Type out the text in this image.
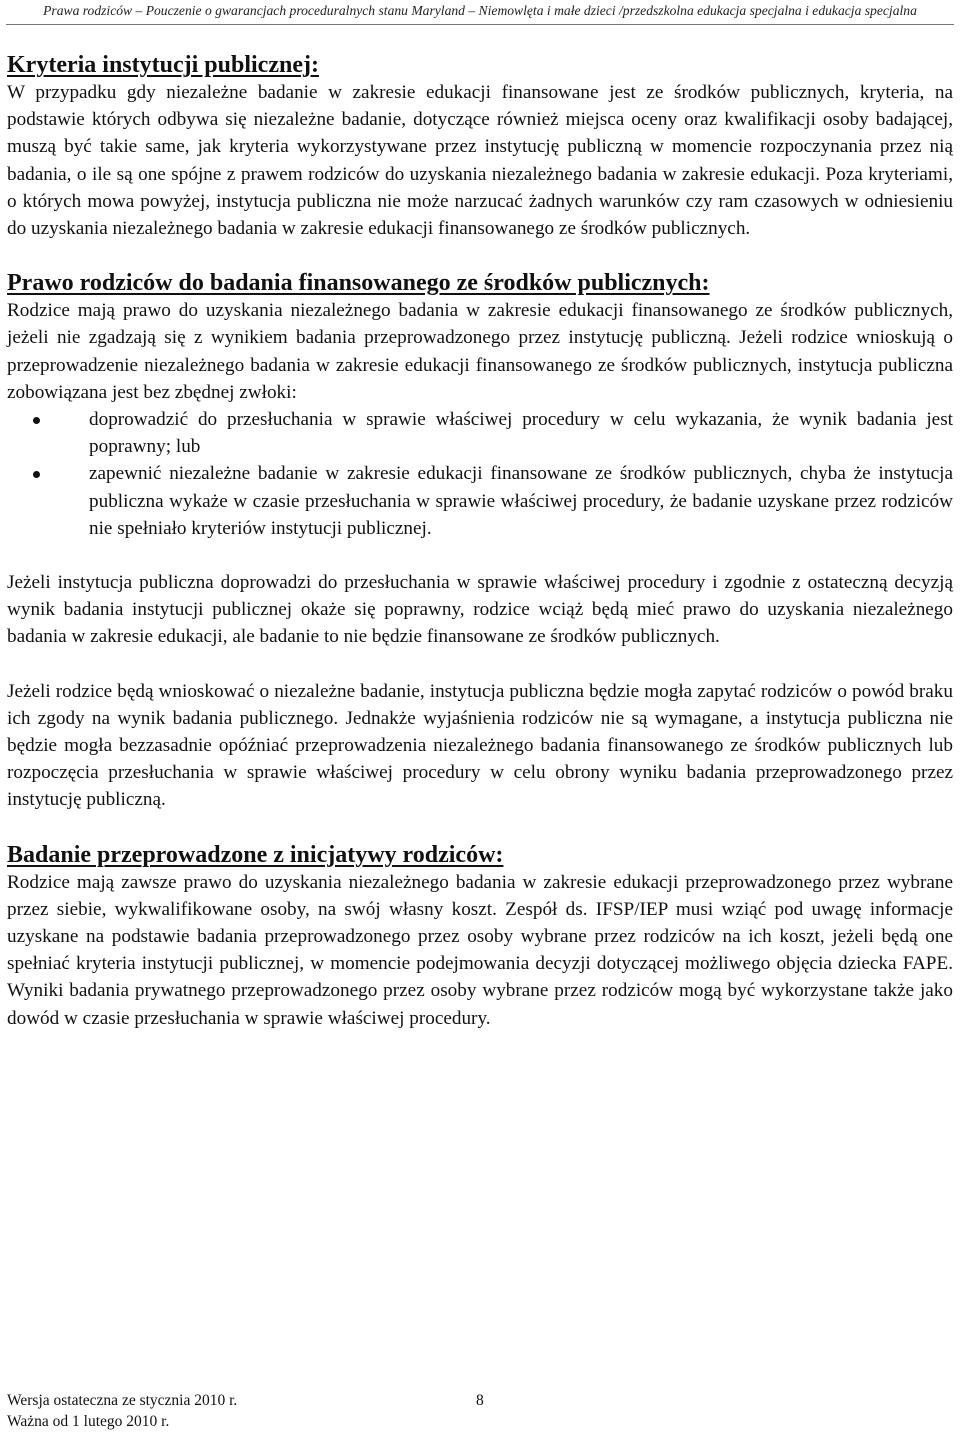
Prawa rodziców – Pouczenie o gwarancjach proceduralnych stanu Maryland – Niemowlęta i małe dzieci /przedszkolna edukacja specjalna i edukacja specjalna
Kryteria instytucji publicznej:

W przypadku gdy niezależne badanie w zakresie edukacji finansowane jest ze środków publicznych, kryteria, na podstawie których odbywa się niezależne badanie, dotyczące również miejsca oceny oraz kwalifikacji osoby badającej, muszą być takie same, jak kryteria wykorzystywane przez instytucję publiczną w momencie rozpoczynania przez nią badania, o ile są one spójne z prawem rodziców do uzyskania niezależnego badania w zakresie edukacji. Poza kryteriami, o których mowa powyżej, instytucja publiczna nie może narzucać żadnych warunków czy ram czasowych w odniesieniu do uzyskania niezależnego badania w zakresie edukacji finansowanego ze środków publicznych.

Prawo rodziców do badania finansowanego ze środków publicznych:

Rodzice mają prawo do uzyskania niezależnego badania w zakresie edukacji finansowanego ze środków publicznych, jeżeli nie zgadzają się z wynikiem badania przeprowadzonego przez instytucję publiczną. Jeżeli rodzice wnioskują o przeprowadzenie niezależnego badania w zakresie edukacji finansowanego ze środków publicznych, instytucja publiczna zobowiązana jest bez zbędnej zwłoki:

doprowadzić do przesłuchania w sprawie właściwej procedury w celu wykazania, że wynik badania jest poprawny; lub
zapewnić niezależne badanie w zakresie edukacji finansowane ze środków publicznych, chyba że instytucja publiczna wykaże w czasie przesłuchania w sprawie właściwej procedury, że badanie uzyskane przez rodziców nie spełniało kryteriów instytucji publicznej.

Jeżeli instytucja publiczna doprowadzi do przesłuchania w sprawie właściwej procedury i zgodnie z ostateczną decyzją wynik badania instytucji publicznej okaże się poprawny, rodzice wciąż będą mieć prawo do uzyskania niezależnego badania w zakresie edukacji, ale badanie to nie będzie finansowane ze środków publicznych.

Jeżeli rodzice będą wnioskować o niezależne badanie, instytucja publiczna będzie mogła zapytać rodziców o powód braku ich zgody na wynik badania publicznego. Jednakże wyjaśnienia rodziców nie są wymagane, a instytucja publiczna nie będzie mogła bezzasadnie opóźniać przeprowadzenia niezależnego badania finansowanego ze środków publicznych lub rozpoczęcia przesłuchania w sprawie właściwej procedury w celu obrony wyniku badania przeprowadzonego przez instytucję publiczną.

Badanie przeprowadzone z inicjatywy rodziców:

Rodzice mają zawsze prawo do uzyskania niezależnego badania w zakresie edukacji przeprowadzonego przez wybrane przez siebie, wykwalifikowane osoby, na swój własny koszt. Zespół ds. IFSP/IEP musi wziąć pod uwagę informacje uzyskane na podstawie badania przeprowadzonego przez osoby wybrane przez rodziców na ich koszt, jeżeli będą one spełniać kryteria instytucji publicznej, w momencie podejmowania decyzji dotyczącej możliwego objęcia dziecka FAPE. Wyniki badania prywatnego przeprowadzonego przez osoby wybrane przez rodziców mogą być wykorzystane także jako dowód w czasie przesłuchania w sprawie właściwej procedury.

Wersja ostateczna ze stycznia 2010 r.
Ważna od 1 lutego 2010 r.
8
